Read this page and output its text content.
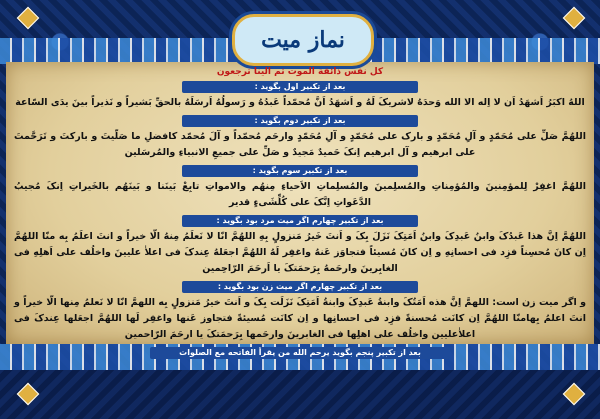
نماز میت
کل نفس ذائقة الموت ثم الینا ترجعون
بعد از تکبیر اول بگوید :
اللهُ اکبَرُ اَشهَدُ اَن لا اِله الا الله وَحدَهُ لاشریکَ لَهُ و اَشهَدُ اَنَّ مُحمّداً عَبدُهُ و رَسولُهُ اَرسَلَهُ بالحقِّ بَشیراً و نَذیراً بینَ یدَی السّاعة
بعد از تکبیر دوم بگوید :
اللهُمَّ صَلِّ علی مُحَمّدٍ و آلِ مُحَمّدٍ و بارک علی مُحَمّدٍ و آلِ مُحَمّدٍ وارحَم مُحمّداً و آلَ مُحمّد کافضلِ ما صَلّیتَ و بارکتَ و تَرَحَّمتَ علی ابرهیم و آل ابرهیم اِنکَ حَمیدٌ مَجیدٌ و صَلِّ علی جمیعِ الانبیاءِ والمُرسَلین
بعد از تکبیر سوم بگوید :
اللهُمَّ اغفِرْ لِلمؤمِنینَ والمُؤمِناتِ والمُسلِمینَ والمُسلِماتِ الاَحیاءِ مِنهُم والامواتِ تابِعْ بَینَنا و بَینَهُم بالخَیراتِ اِنکَ مُجیبُ الدَّعَواتِ اِنَّکَ علی کُلِّشَیءٍ قدیر
بعد از تکبیر چهارم اگر میت مرد بود بگوید :
اللهُمَّ اِنَّ هذا عَبدُکَ وابنُ عَبدِکَ وابنُ اَمَتِکَ نَزَلَ بِکَ و اَنتَ خَیرُ مَنزولٍ بِهِ اللهُمَّ انّا لا نَعلَمُ مِنهُ الّا خیراً و انتَ اعلَمُ بِه منّا اللهُمَّ اِن کانَ مُحسِناً فزِد فی احسانِهِ و اِن کانَ مُسیئاً فتجاوَز عَنهُ واغفِر لَهُ اللهُمَّ اجعَلهُ عِندکَ فی اعلاٰ علیینَ واخلُف علی اَهلِهِ فی الغابِرینَ وارحَمهُ بِرَحمَتکَ یا اَرحَمَ الرّاحِمین
بعد از تکبیر چهارم اگر میت زن بود بگوید :
و اگر میت زن است: اللهمَّ اِنَّ هذه اَمَتُکَ وابنةُ عَبدِکَ وابنةُ اَمَتِکَ نَزَلَت بِکَ و اَنتَ خیرُ مَنزولٍ بِه اللهمَّ انّا لا نَعلمُ مِنها الّا خیراً و انتَ اعلمُ بِهامنّا اللهُمَّ اِن کانَت مُحسنةً فزِد فی احسانِها و اِن کانَت مُسیئةً فتجاوز عَنها واغفِر لَها اللهُمَّ اجعَلها عِندکَ فی اعلاٰعلیین واخلُف علی اهلِها فی الغابرینَ وارحَمها بِرَحمَتکَ یا ارحَمَ الرّاحمین
بعد از تکبیر پنجم بگوید یرحم الله من یقرأ الفاتحه مع الصلوات
